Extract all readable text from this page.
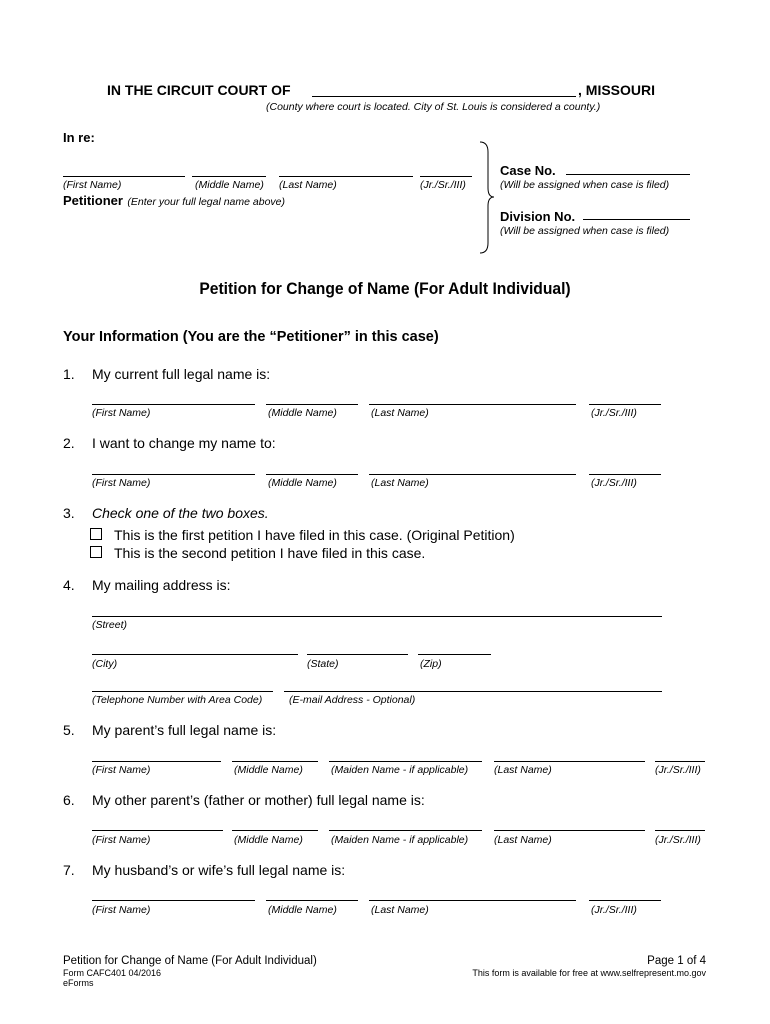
IN THE CIRCUIT COURT OF	, MISSOURI
(County where court is located. City of St. Louis is considered a county.)
In re:
(First Name)	(Middle Name) (Last Name)	(Jr./Sr./III)
Petitioner (Enter your full legal name above)
Case No.
(Will be assigned when case is filed)
Division No.
(Will be assigned when case is filed)
Petition for Change of Name (For Adult Individual)
Your Information (You are the “Petitioner” in this case)
1. My current full legal name is:
(First Name)	(Middle Name)	(Last Name)	(Jr./Sr./III)
2. I want to change my name to:
(First Name)	(Middle Name)	(Last Name)	(Jr./Sr./III)
3. Check one of the two boxes.
This is the first petition I have filed in this case. (Original Petition)
This is the second petition I have filed in this case.
4. My mailing address is:
(Street)
(City)	(State)	(Zip)
(Telephone Number with Area Code)	(E-mail Address - Optional)
5. My parent’s full legal name is:
(First Name)	(Middle Name)	(Maiden Name - if applicable) (Last Name)	(Jr./Sr./III)
6. My other parent’s (father or mother) full legal name is:
(First Name)	(Middle Name)	(Maiden Name - if applicable) (Last Name)	(Jr./Sr./III)
7. My husband’s or wife’s full legal name is:
(First Name)	(Middle Name)	(Last Name)	(Jr./Sr./III)
Petition for Change of Name (For Adult Individual)
Form CAFC401 04/2016
eForms
Page 1 of 4
This form is available for free at www.selfrepresent.mo.gov
